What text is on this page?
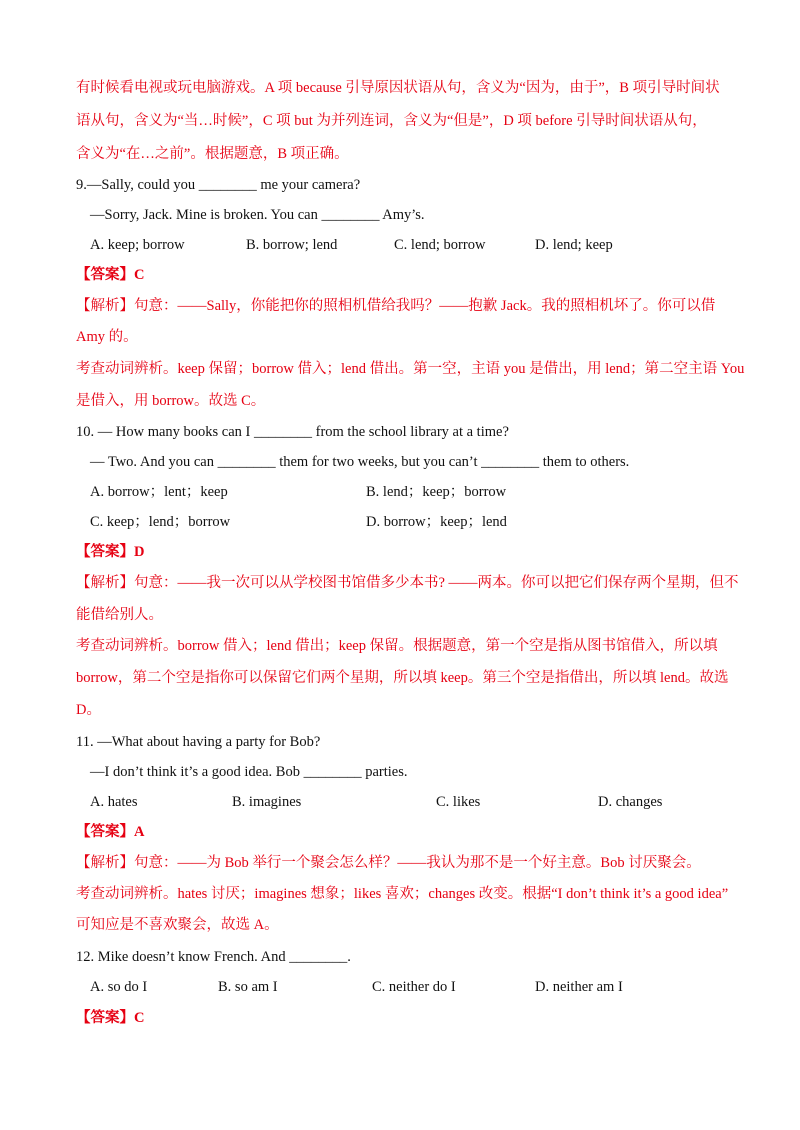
有时候看电视或玩电脑游戏。A 项 because 引导原因状语从句，含义为“因为，由于”，B 项引导时间状
语从句，含义为“当…时候”，C 项 but 为并列连词，含义为“但是”，D 项 before 引导时间状语从句，
含义为“在…之前”。根据题意，B 项正确。
9.—Sally, could you ________ me your camera?
—Sorry, Jack. Mine is broken. You can ________ Amy’s.
A. keep; borrow	B. borrow; lend	C. lend; borrow	D. lend; keep
【答案】C
【解析】句意：——Sally，你能把你的照相机借给我吗？——抱歉 Jack。我的照相机坏了。你可以借
Amy 的。
考查动词辨析。keep 保留；borrow 借入；lend 借出。第一空，主语 you 是借出，用 lend；第二空主语 You
是借入，用 borrow。故选 C。
10. — How many books can I ________ from the school library at a time?
— Two. And you can ________ them for two weeks, but you can’t ________ them to others.
A. borrow；lent；keep	B. lend；keep；borrow
C. keep；lend；borrow	D. borrow；keep；lend
【答案】D
【解析】句意：——我一次可以从学校图书馆借多少本书? ——两本。你可以把它们保存两个星期，但不
能借给别人。
考查动词辨析。borrow 借入；lend 借出；keep 保留。根据题意，第一个空是指从图书馆借入，所以填
borrow，第二个空是指你可以保留它们两个星期，所以填 keep。第三个空是指借出，所以填 lend。故选
D。
11. —What about having a party for Bob?
—I don’t think it’s a good idea. Bob ________ parties.
A. hates	B. imagines	C. likes	D. changes
【答案】A
【解析】句意：——为 Bob 举行一个聚会怎么样？——我认为那不是一个好主意。Bob 讨厌聚会。
考查动词辨析。hates 讨厌；imagines 想象；likes 喜欢；changes 改变。根据“I don’t think it’s a good idea”
可知应是不喜欢聚会，故选 A。
12. Mike doesn’t know French. And ________.
A. so do I	B. so am I	C. neither do I	D. neither am I
【答案】C
